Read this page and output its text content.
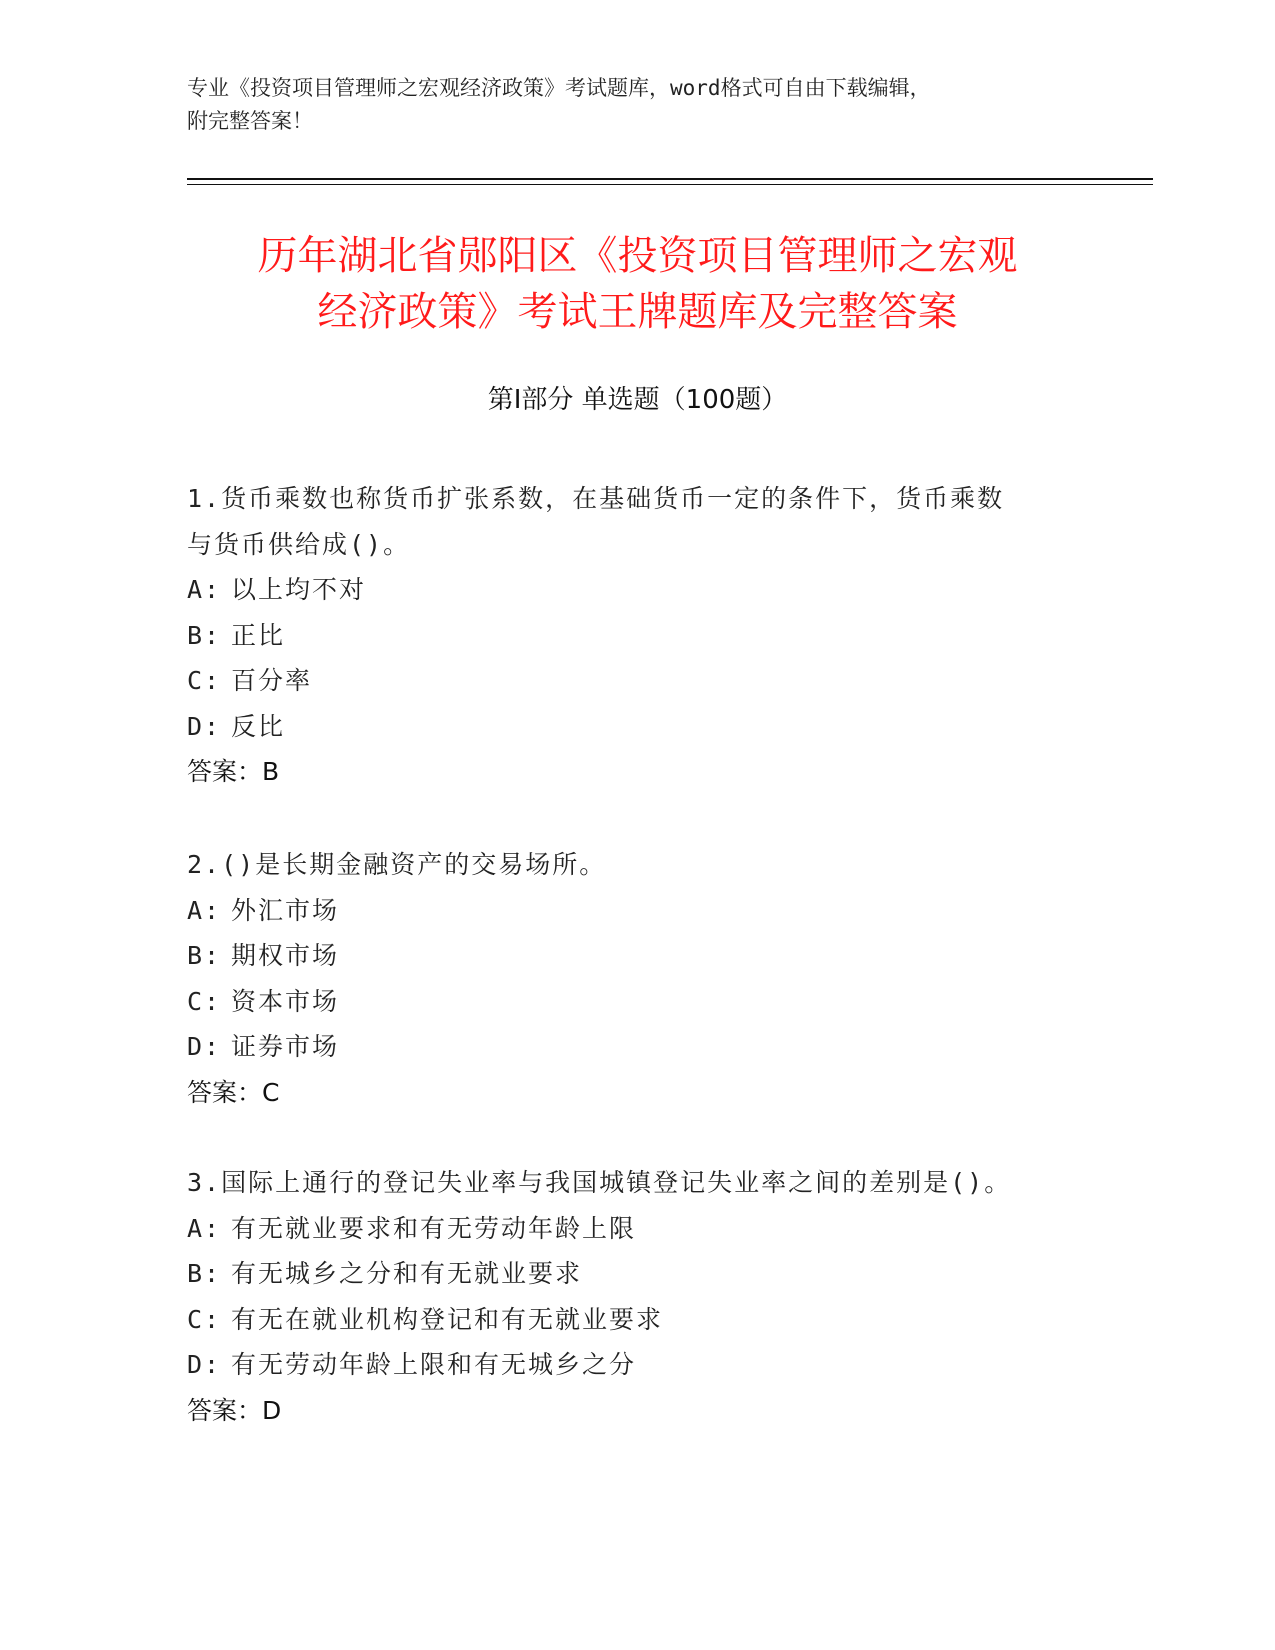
专业《投资项目管理师之宏观经济政策》考试题库，word格式可自由下载编辑，
附完整答案！
历年湖北省郧阳区《投资项目管理师之宏观
经济政策》考试王牌题库及完整答案
第Ⅰ部分 单选题（100题）
1.货币乘数也称货币扩张系数，在基础货币一定的条件下，货币乘数
与货币供给成()。
A: 以上均不对
B: 正比
C: 百分率
D: 反比
答案：B
2.()是长期金融资产的交易场所。
A: 外汇市场
B: 期权市场
C: 资本市场
D: 证券市场
答案：C
3.国际上通行的登记失业率与我国城镇登记失业率之间的差别是()。
A: 有无就业要求和有无劳动年龄上限
B: 有无城乡之分和有无就业要求
C: 有无在就业机构登记和有无就业要求
D: 有无劳动年龄上限和有无城乡之分
答案：D
